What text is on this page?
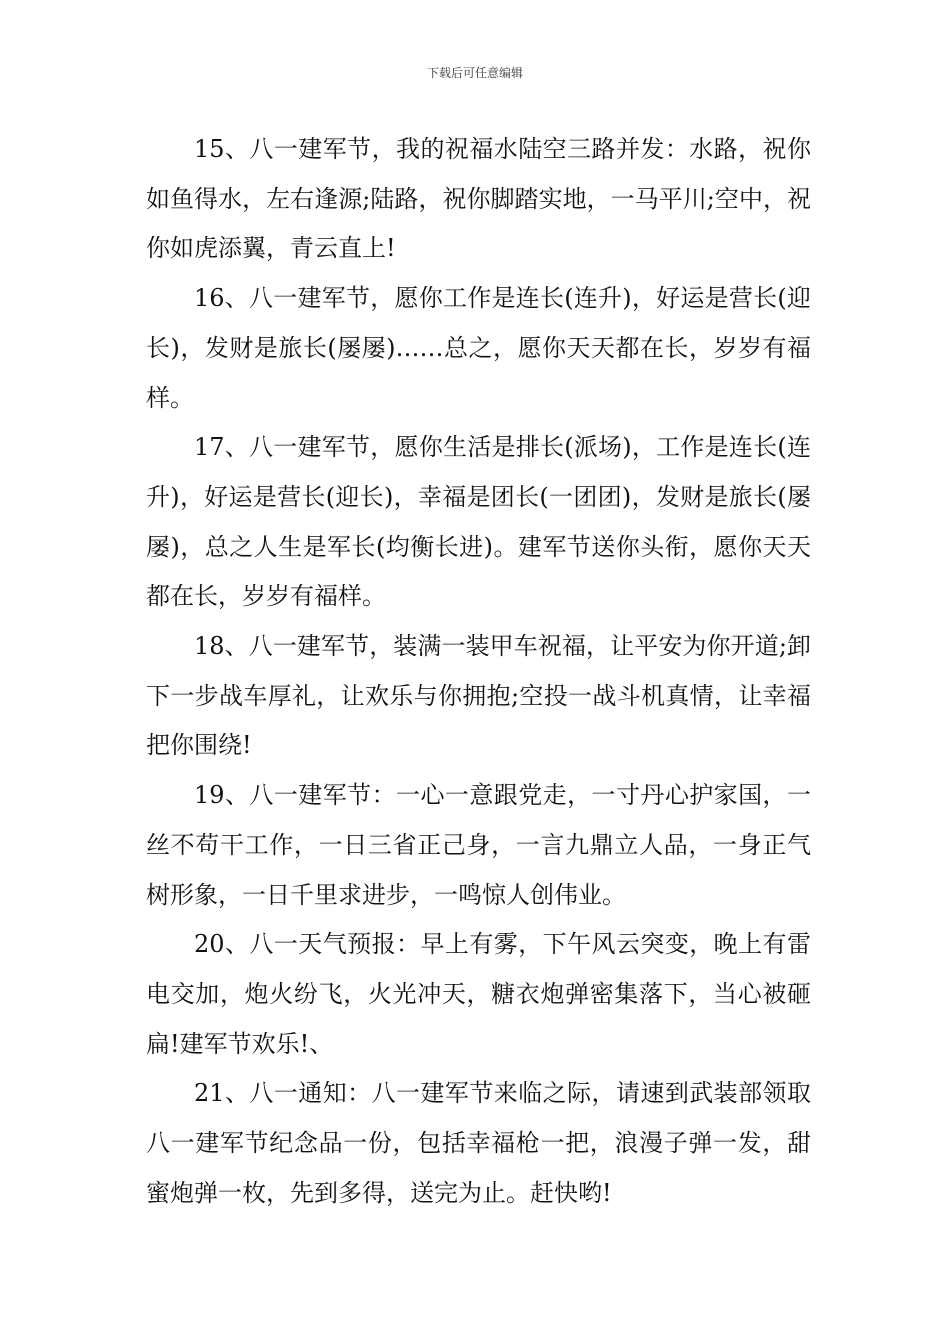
下载后可任意编辑

15、八一建军节，我的祝福水陆空三路并发：水路，祝你如鱼得水，左右逢源;陆路，祝你脚踏实地，一马平川;空中，祝你如虎添翼，青云直上!

16、八一建军节，愿你工作是连长(连升)，好运是营长(迎长)，发财是旅长(屡屡)……总之，愿你天天都在长，岁岁有福样。

17、八一建军节，愿你生活是排长(派场)，工作是连长(连升)，好运是营长(迎长)，幸福是团长(一团团)，发财是旅长(屡屡)，总之人生是军长(均衡长进)。建军节送你头衔，愿你天天都在长，岁岁有福样。

18、八一建军节，装满一装甲车祝福，让平安为你开道;卸下一步战车厚礼，让欢乐与你拥抱;空投一战斗机真情，让幸福把你围绕!

19、八一建军节：一心一意跟党走，一寸丹心护家国，一丝不苟干工作，一日三省正己身，一言九鼎立人品，一身正气树形象，一日千里求进步，一鸣惊人创伟业。

20、八一天气预报：早上有雾，下午风云突变，晚上有雷电交加，炮火纷飞，火光冲天，糖衣炮弹密集落下，当心被砸扁!建军节欢乐!、

21、八一通知：八一建军节来临之际，请速到武装部领取八一建军节纪念品一份，包括幸福枪一把，浪漫子弹一发，甜蜜炮弹一枚，先到多得，送完为止。赶快哟!
